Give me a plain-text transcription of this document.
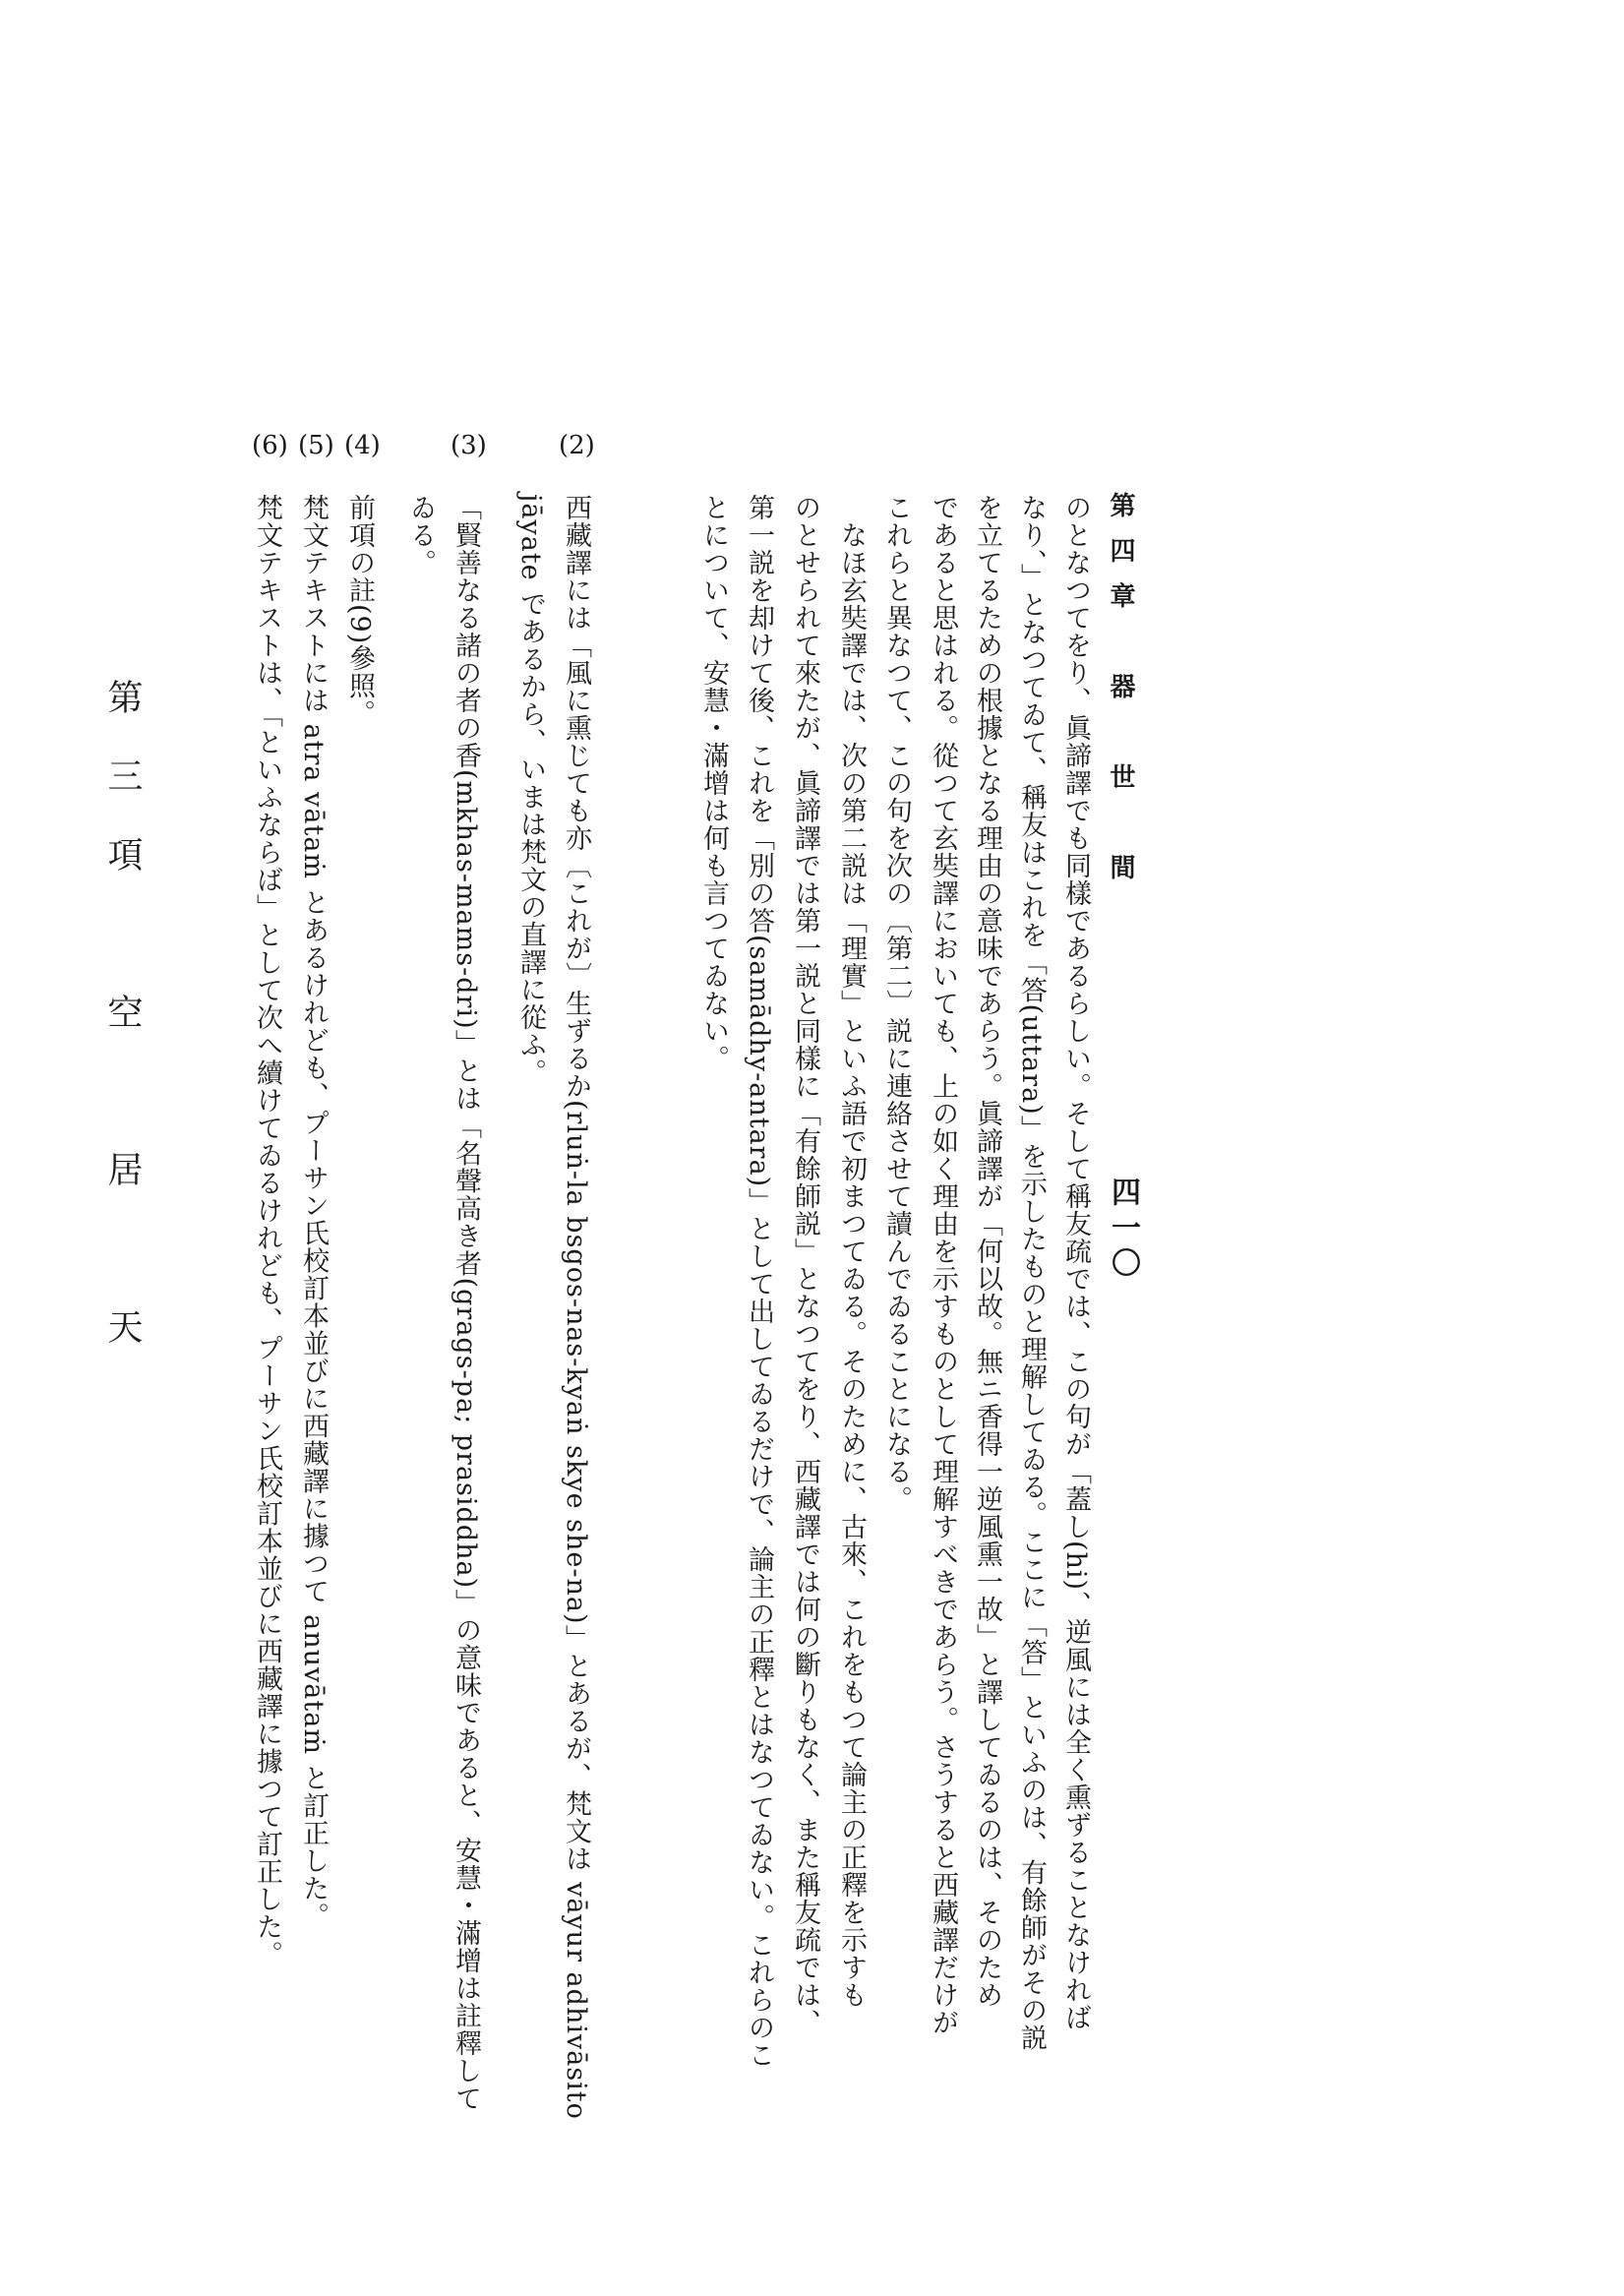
第四章　器　世　間
四一〇
のとなつてをり、眞諦譯でも同樣であるらしい。そして稱友疏では、この句が「蓋し(hi)、逆風には全く熏ずることなければ
なり、」となつてゐて、稱友はこれを「答(uttara)」を示したものと理解してゐる。ここに「答」といふのは、有餘師がその説
を立てるための根據となる理由の意味であらう。眞諦譯が「何以故。無ニ香得一逆風熏一故」と譯してゐるのは、そのため
であると思はれる。從つて玄奘譯においても、上の如く理由を示すものとして理解すべきであらう。さうすると西藏譯だけが
これらと異なつて、この句を次の〔第二〕説に連絡させて讀んでゐることになる。
　なほ玄奘譯では、次の第二説は「理實」といふ語で初まつてゐる。そのために、古來、これをもつて論主の正釋を示すも
のとせられて來たが、眞諦譯では第一説と同樣に「有餘師説」となつてをり、西藏譯では何の斷りもなく、また稱友疏では、
第一説を却けて後、これを「別の答(samādhy-antara)」として出してゐるだけで、論主の正釋とはなつてゐない。これらのこ
とについて、安慧・滿增は何も言つてゐない。
(2)
西藏譯には「風に熏じても亦〔これが〕生ずるか(rluṅ-la bsgos-nas-kyaṅ skye she-na)」とあるが、梵文は vāyur adhivāsito
jāyate であるから、いまは梵文の直譯に從ふ。
(3)
「賢善なる諸の者の香(mkhas-mams-dri)」とは「名聲高き者(grags-pa; prasiddha)」の意味であると、安慧・滿增は註釋して
ゐる。
(4)
前項の註(9)參照。
(5)
梵文テキストには atra vātaṁ とあるけれども、プーサン氏校訂本並びに西藏譯に據つて anuvātaṁ と訂正した。
(6)
梵文テキストは、「といふならば」として次へ續けてゐるけれども、プーサン氏校訂本並びに西藏譯に據つて訂正した。
第三項　空　居　天
